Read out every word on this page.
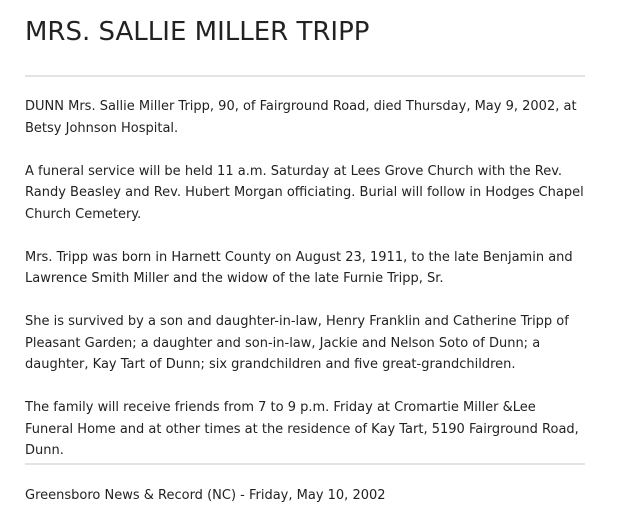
MRS. SALLIE MILLER TRIPP

DUNN Mrs. Sallie Miller Tripp, 90, of Fairground Road, died Thursday, May 9, 2002, at Betsy Johnson Hospital.

A funeral service will be held 11 a.m. Saturday at Lees Grove Church with the Rev. Randy Beasley and Rev. Hubert Morgan officiating. Burial will follow in Hodges Chapel Church Cemetery.

Mrs. Tripp was born in Harnett County on August 23, 1911, to the late Benjamin and Lawrence Smith Miller and the widow of the late Furnie Tripp, Sr.

She is survived by a son and daughter-in-law, Henry Franklin and Catherine Tripp of Pleasant Garden; a daughter and son-in-law, Jackie and Nelson Soto of Dunn; a daughter, Kay Tart of Dunn; six grandchildren and five great-grandchildren.

The family will receive friends from 7 to 9 p.m. Friday at Cromartie Miller &Lee Funeral Home and at other times at the residence of Kay Tart, 5190 Fairground Road, Dunn.

Greensboro News & Record (NC) - Friday, May 10, 2002
